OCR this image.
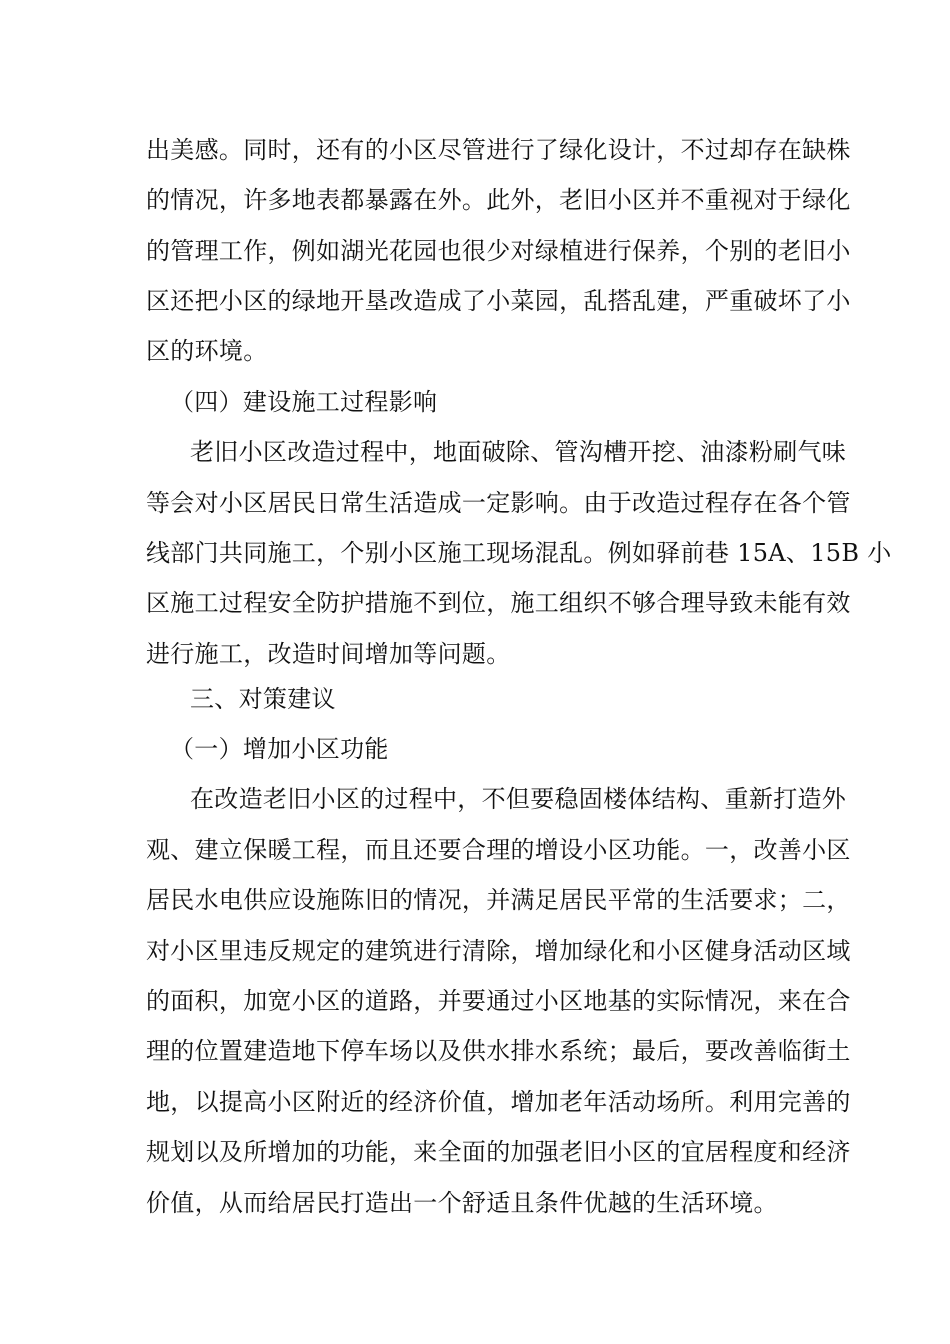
出美感。同时，还有的小区尽管进行了绿化设计，不过却存在缺株
的情况，许多地表都暴露在外。此外，老旧小区并不重视对于绿化
的管理工作，例如湖光花园也很少对绿植进行保养，个别的老旧小
区还把小区的绿地开垦改造成了小菜园，乱搭乱建，严重破坏了小
区的环境。
（四）建设施工过程影响
老旧小区改造过程中，地面破除、管沟槽开挖、油漆粉刷气味
等会对小区居民日常生活造成一定影响。由于改造过程存在各个管
线部门共同施工，个别小区施工现场混乱。例如驿前巷 15A、15B 小
区施工过程安全防护措施不到位，施工组织不够合理导致未能有效
进行施工，改造时间增加等问题。
三、对策建议
（一）增加小区功能
在改造老旧小区的过程中，不但要稳固楼体结构、重新打造外
观、建立保暖工程，而且还要合理的增设小区功能。一，改善小区
居民水电供应设施陈旧的情况，并满足居民平常的生活要求；二，
对小区里违反规定的建筑进行清除，增加绿化和小区健身活动区域
的面积，加宽小区的道路，并要通过小区地基的实际情况，来在合
理的位置建造地下停车场以及供水排水系统；最后，要改善临街土
地，以提高小区附近的经济价值，增加老年活动场所。利用完善的
规划以及所增加的功能，来全面的加强老旧小区的宜居程度和经济
价值，从而给居民打造出一个舒适且条件优越的生活环境。
